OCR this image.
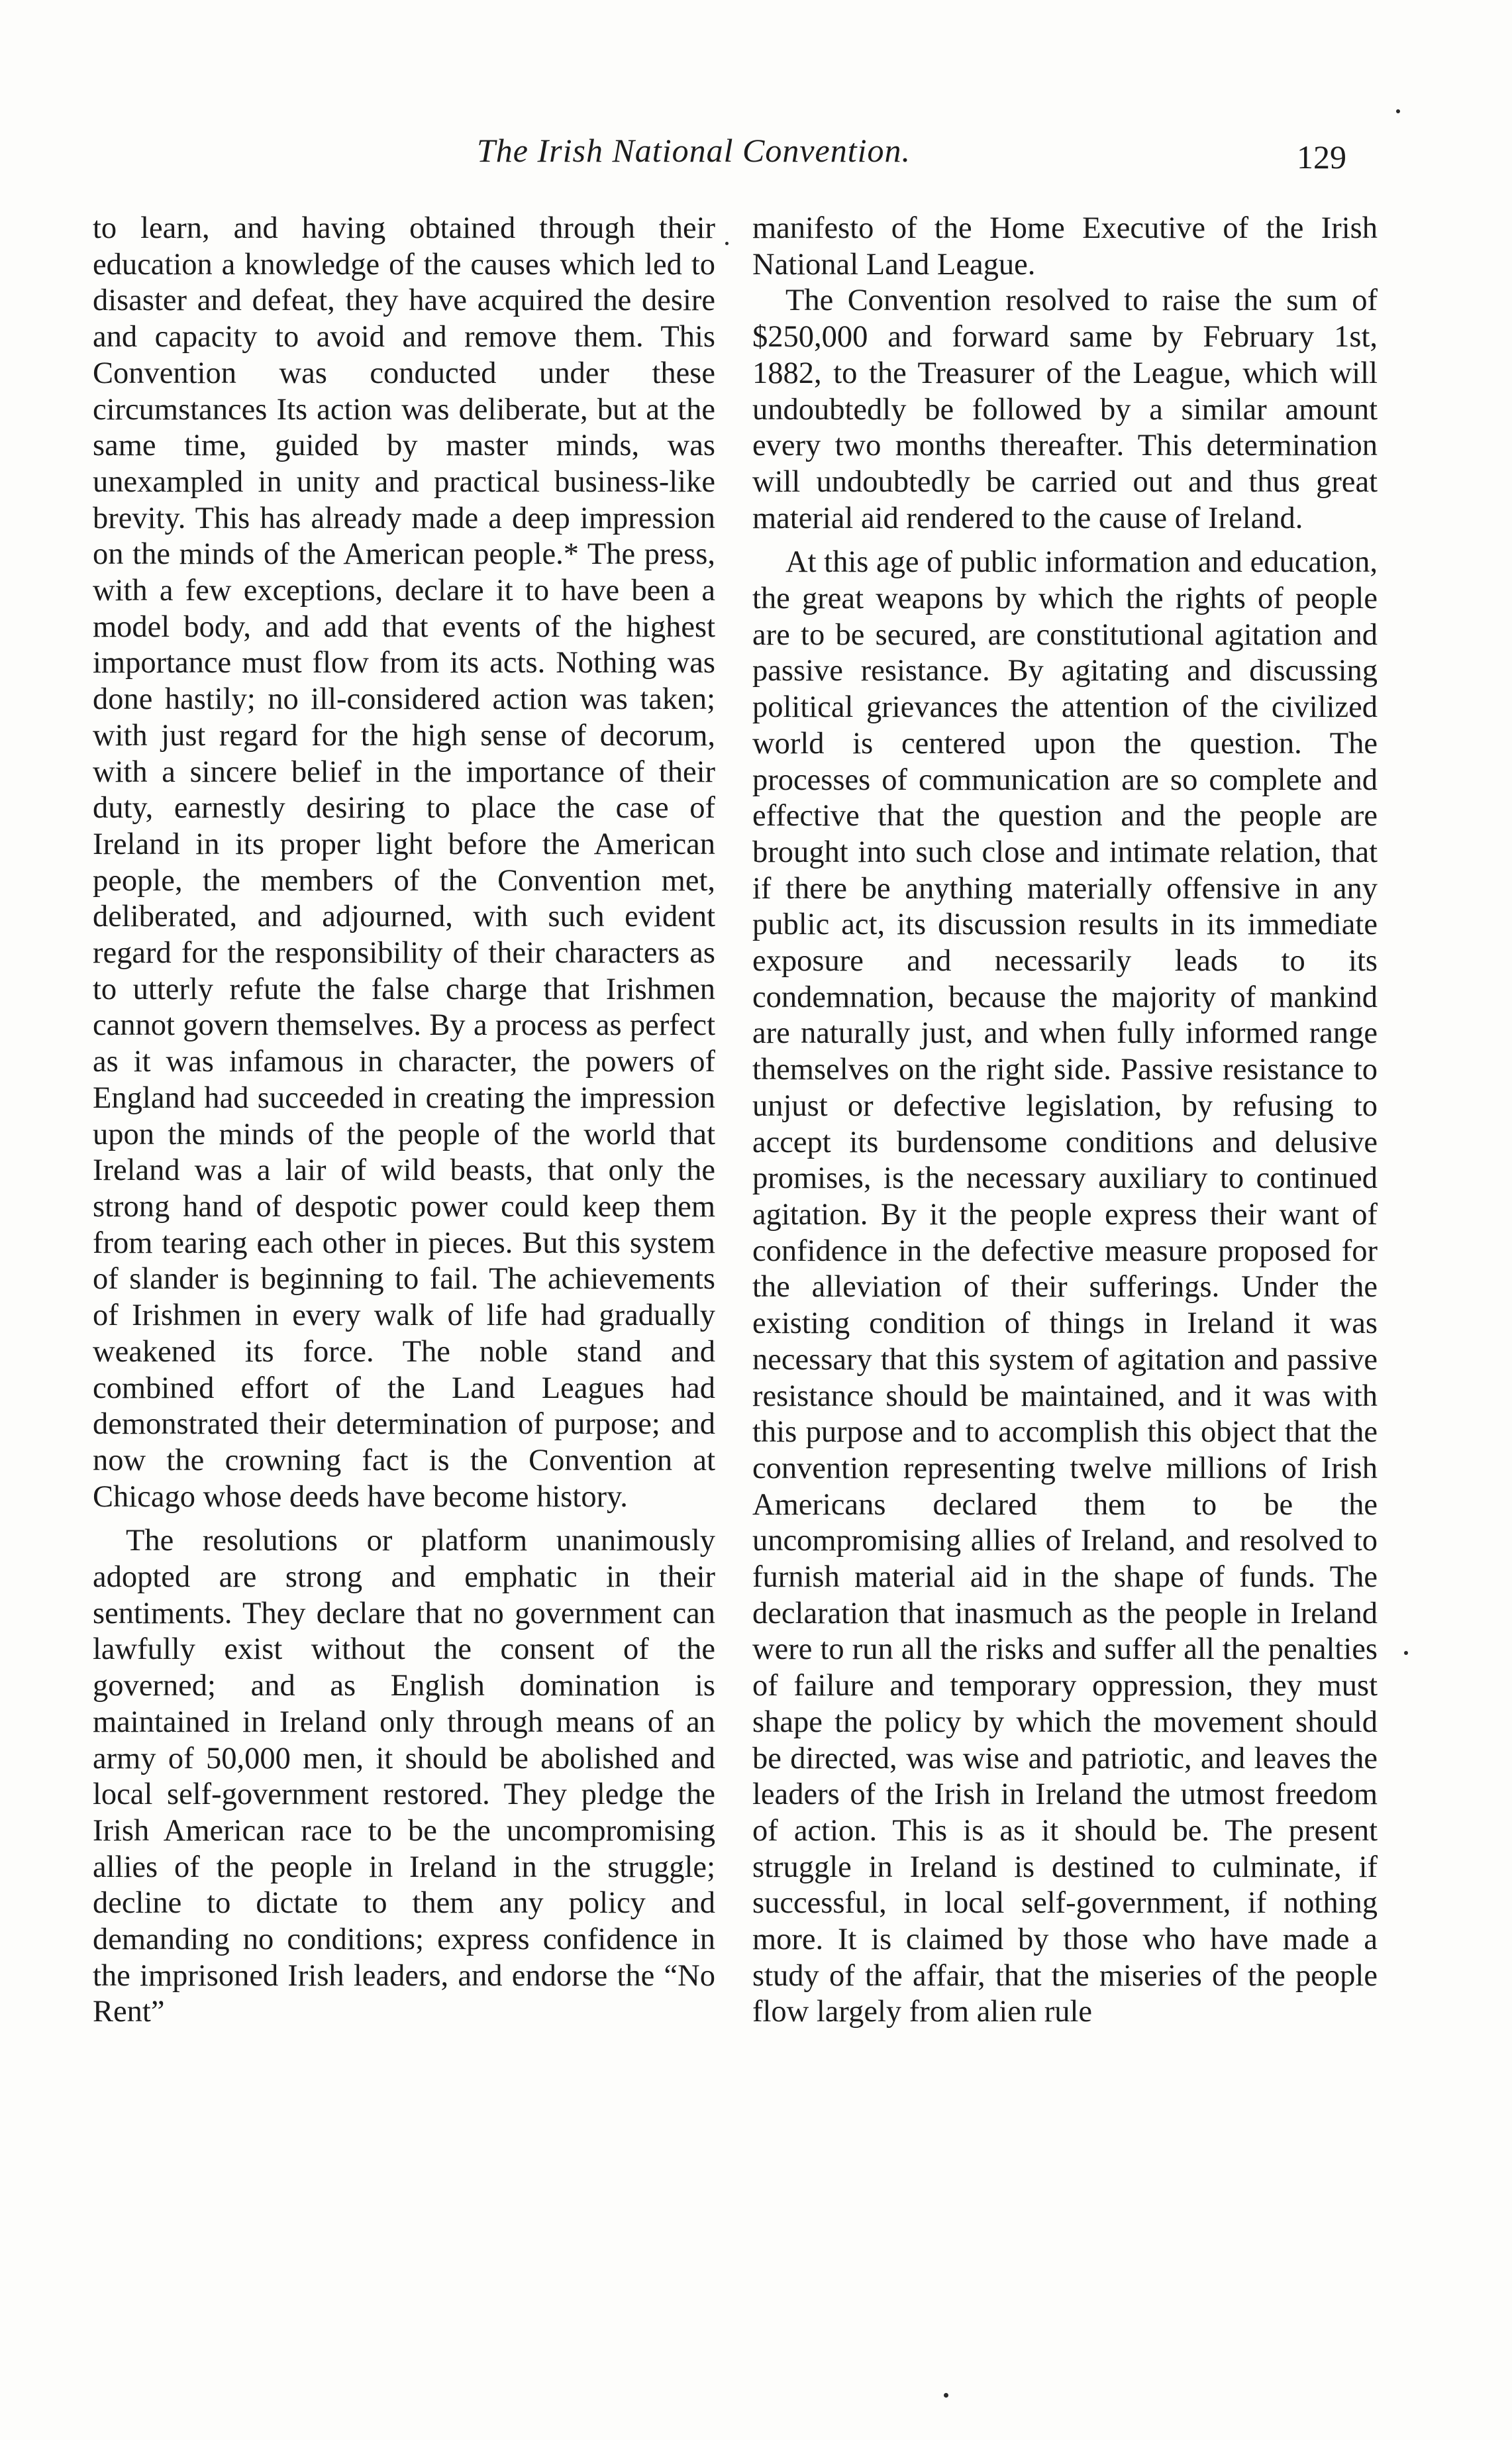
The Irish National Convention.	129

to learn, and having obtained through their education a knowledge of the causes which led to disaster and defeat, they have acquired the desire and capacity to avoid and remove them. This Convention was conducted under these circumstances Its action was deliberate, but at the same time, guided by master minds, was unexampled in unity and practical business-like brevity. This has already made a deep impression on the minds of the American people.* The press, with a few exceptions, declare it to have been a model body, and add that events of the highest importance must flow from its acts. Nothing was done hastily; no ill-considered action was taken; with just regard for the high sense of decorum, with a sincere belief in the importance of their duty, earnestly desiring to place the case of Ireland in its proper light before the American people, the members of the Convention met, deliberated, and adjourned, with such evident regard for the responsibility of their characters as to utterly refute the false charge that Irishmen cannot govern themselves. By a process as perfect as it was infamous in character, the powers of England had succeeded in creating the impression upon the minds of the people of the world that Ireland was a lair of wild beasts, that only the strong hand of despotic power could keep them from tearing each other in pieces. But this system of slander is beginning to fail. The achievements of Irishmen in every walk of life had gradually weakened its force. The noble stand and combined effort of the Land Leagues had demonstrated their determination of purpose; and now the crowning fact is the Convention at Chicago whose deeds have become history.

The resolutions or platform unanimously adopted are strong and emphatic in their sentiments. They declare that no government can lawfully exist without the consent of the governed; and as English domination is maintained in Ireland only through means of an army of 50,000 men, it should be abolished and local self-government restored. They pledge the Irish American race to be the uncompromising allies of the people in Ireland in the struggle; decline to dictate to them any policy and demanding no conditions; express confidence in the imprisoned Irish leaders, and endorse the “No Rent”

manifesto of the Home Executive of the Irish National Land League.

The Convention resolved to raise the sum of $250,000 and forward same by February 1st, 1882, to the Treasurer of the League, which will undoubtedly be followed by a similar amount every two months thereafter. This determination will undoubtedly be carried out and thus great material aid rendered to the cause of Ireland.

At this age of public information and education, the great weapons by which the rights of people are to be secured, are constitutional agitation and passive resistance. By agitating and discussing political grievances the attention of the civilized world is centered upon the question. The processes of communication are so complete and effective that the question and the people are brought into such close and intimate relation, that if there be anything materially offensive in any public act, its discussion results in its immediate exposure and necessarily leads to its condemnation, because the majority of mankind are naturally just, and when fully informed range themselves on the right side. Passive resistance to unjust or defective legislation, by refusing to accept its burdensome conditions and delusive promises, is the necessary auxiliary to continued agitation. By it the people express their want of confidence in the defective measure proposed for the alleviation of their sufferings. Under the existing condition of things in Ireland it was necessary that this system of agitation and passive resistance should be maintained, and it was with this purpose and to accomplish this object that the convention representing twelve millions of Irish Americans declared them to be the uncompromising allies of Ireland, and resolved to furnish material aid in the shape of funds. The declaration that inasmuch as the people in Ireland were to run all the risks and suffer all the penalties of failure and temporary oppression, they must shape the policy by which the movement should be directed, was wise and patriotic, and leaves the leaders of the Irish in Ireland the utmost freedom of action. This is as it should be. The present struggle in Ireland is destined to culminate, if successful, in local self-government, if nothing more. It is claimed by those who have made a study of the affair, that the miseries of the people flow largely from alien rule
